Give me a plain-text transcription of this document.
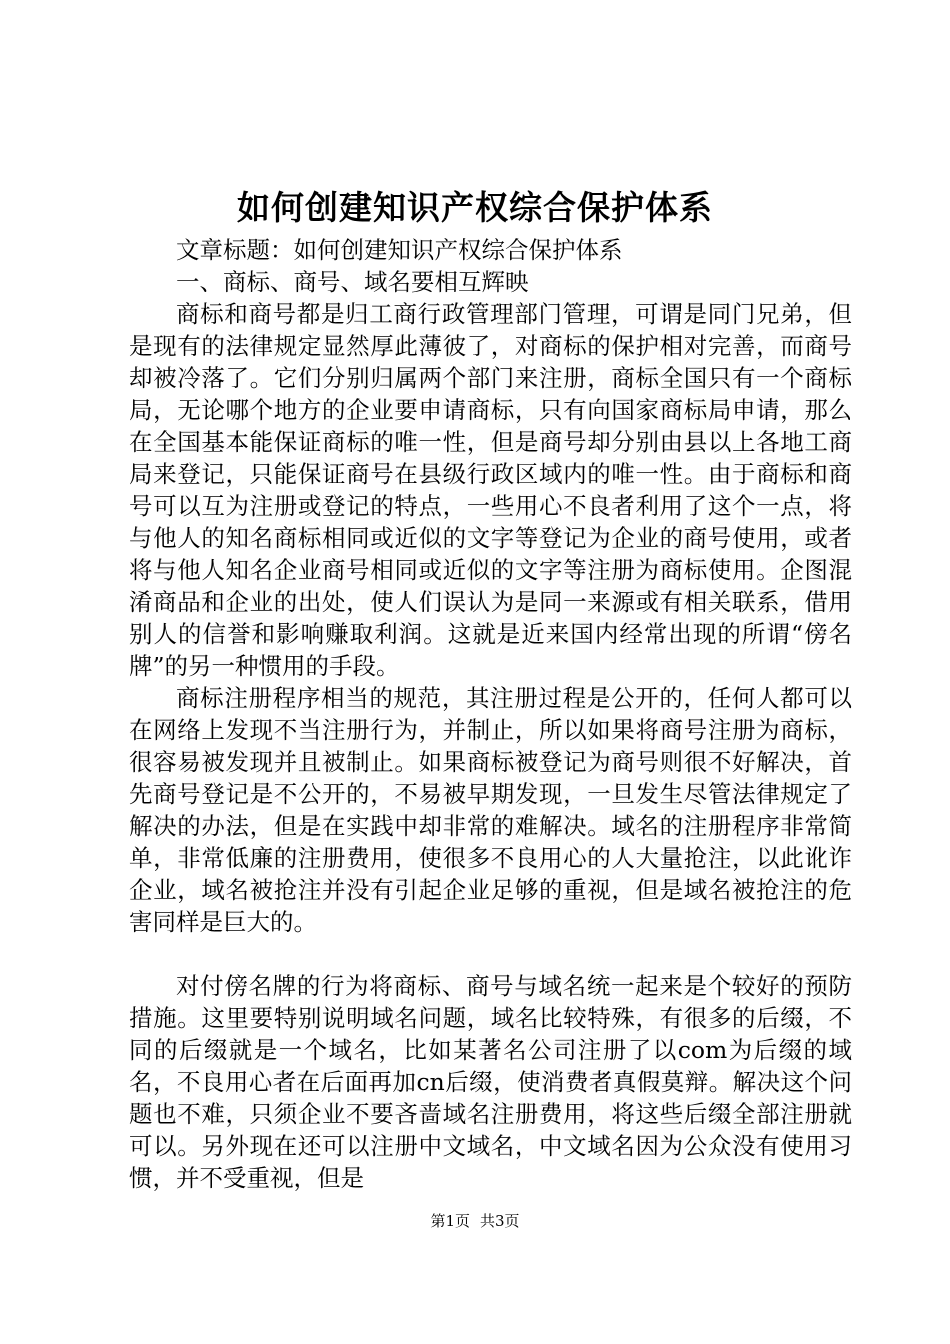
如何创建知识产权综合保护体系

文章标题：如何创建知识产权综合保护体系

一、商标、商号、域名要相互辉映

商标和商号都是归工商行政管理部门管理，可谓是同门兄弟，但是现有的法律规定显然厚此薄彼了，对商标的保护相对完善，而商号却被冷落了。它们分别归属两个部门来注册，商标全国只有一个商标局，无论哪个地方的企业要申请商标，只有向国家商标局申请，那么在全国基本能保证商标的唯一性，但是商号却分别由县以上各地工商局来登记，只能保证商号在县级行政区域内的唯一性。由于商标和商号可以互为注册或登记的特点，一些用心不良者利用了这个一点，将与他人的知名商标相同或近似的文字等登记为企业的商号使用，或者将与他人知名企业商号相同或近似的文字等注册为商标使用。企图混淆商品和企业的出处，使人们误认为是同一来源或有相关联系，借用别人的信誉和影响赚取利润。这就是近来国内经常出现的所谓“傍名牌”的另一种惯用的手段。

商标注册程序相当的规范，其注册过程是公开的，任何人都可以在网络上发现不当注册行为，并制止，所以如果将商号注册为商标，很容易被发现并且被制止。如果商标被登记为商号则很不好解决，首先商号登记是不公开的，不易被早期发现，一旦发生尽管法律规定了解决的办法，但是在实践中却非常的难解决。域名的注册程序非常简单，非常低廉的注册费用，使很多不良用心的人大量抢注，以此讹诈企业，域名被抢注并没有引起企业足够的重视，但是域名被抢注的危害同样是巨大的。

对付傍名牌的行为将商标、商号与域名统一起来是个较好的预防措施。这里要特别说明域名问题，域名比较特殊，有很多的后缀，不同的后缀就是一个域名，比如某著名公司注册了以com为后缀的域名，不良用心者在后面再加cn后缀，使消费者真假莫辩。解决这个问题也不难，只须企业不要吝啬域名注册费用，将这些后缀全部注册就可以。另外现在还可以注册中文域名，中文域名因为公众没有使用习惯，并不受重视，但是

第1页 共3页
